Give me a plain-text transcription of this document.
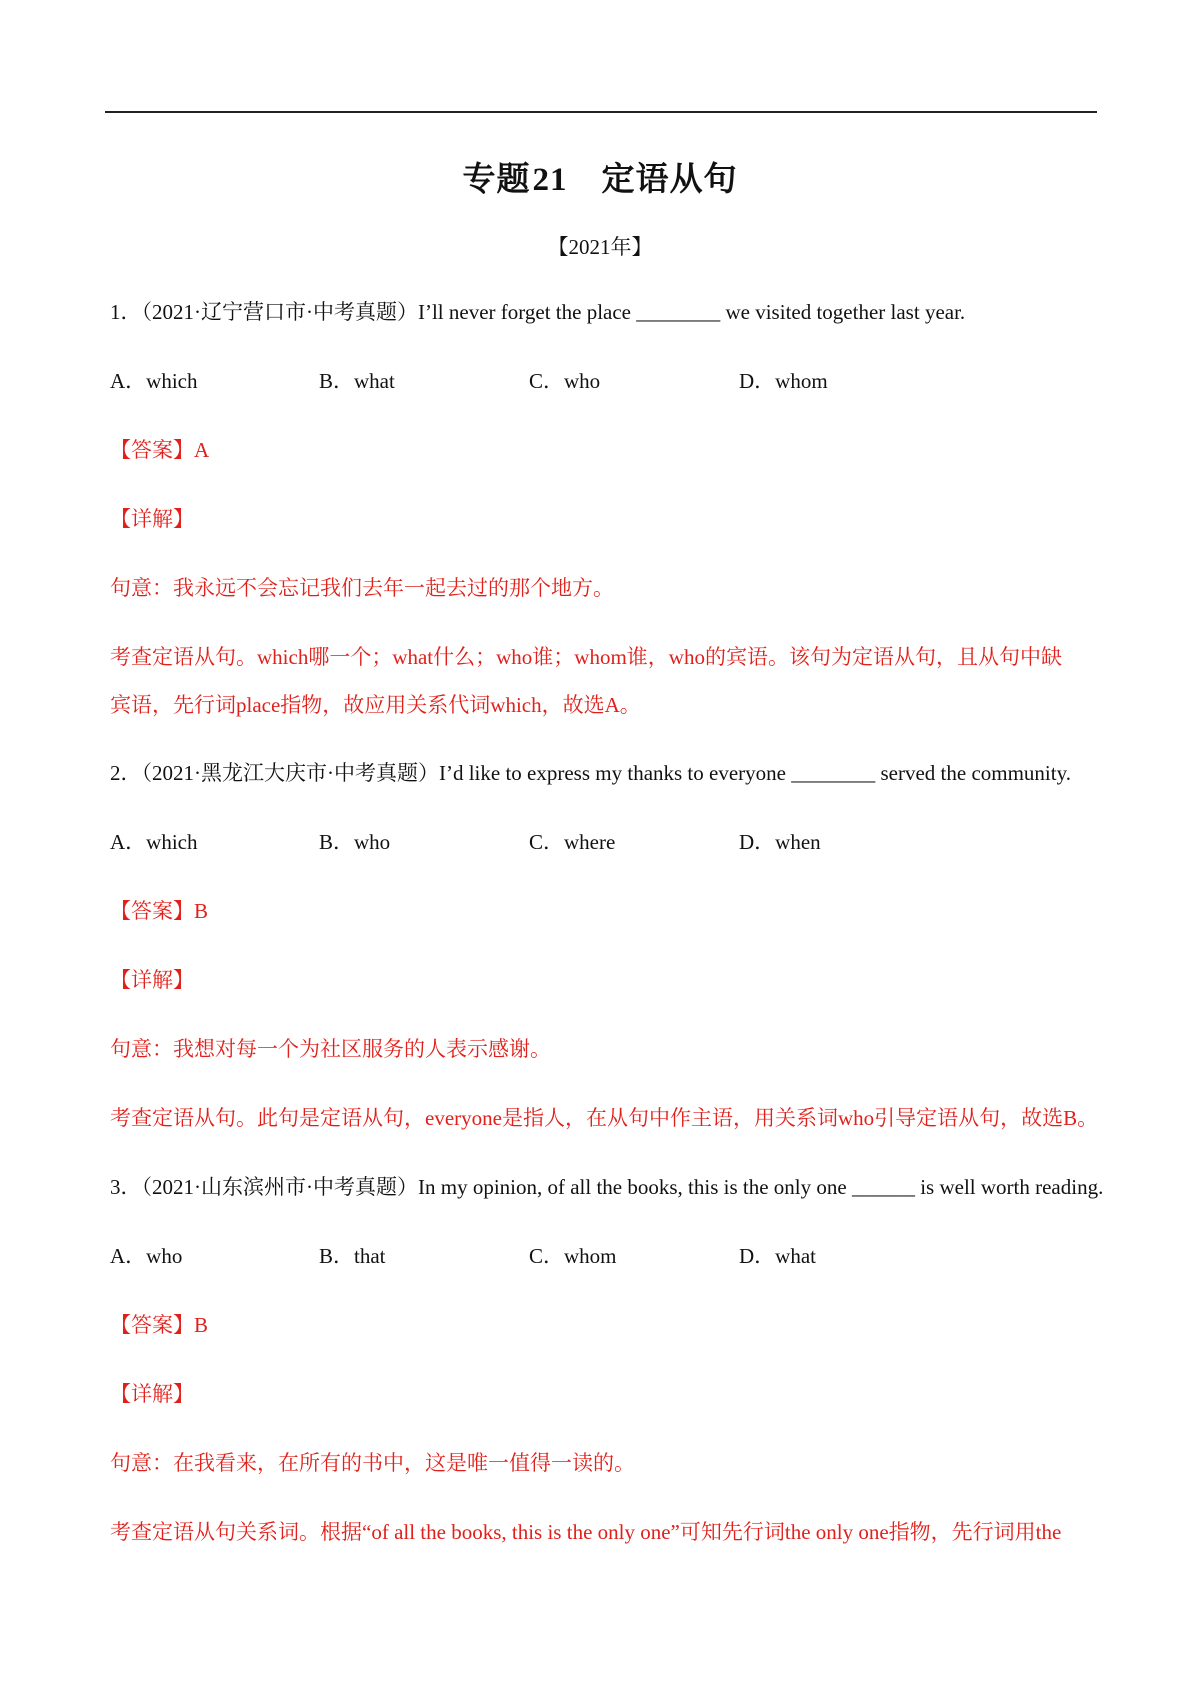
专题21 定语从句
【2021年】
1．（2021·辽宁营口市·中考真题）I’ll never forget the place ________ we visited together last year.
A．which	B．what	C．who	D．whom
【答案】A
【详解】
句意：我永远不会忘记我们去年一起去过的那个地方。
考查定语从句。which哪一个；what什么；who谁；whom谁，who的宾语。该句为定语从句，且从句中缺
宾语，先行词place指物，故应用关系代词which，故选A。
2．（2021·黑龙江大庆市·中考真题）I’d like to express my thanks to everyone ________ served the community.
A．which	B．who	C．where	D．when
【答案】B
【详解】
句意：我想对每一个为社区服务的人表示感谢。
考查定语从句。此句是定语从句，everyone是指人，在从句中作主语，用关系词who引导定语从句，故选B。
3．（2021·山东滨州市·中考真题）In my opinion, of all the books, this is the only one ______ is well worth reading.
A．who	B．that	C．whom	D．what
【答案】B
【详解】
句意：在我看来，在所有的书中，这是唯一值得一读的。
考查定语从句关系词。根据“of all the books, this is the only one”可知先行词the only one指物，先行词用the
